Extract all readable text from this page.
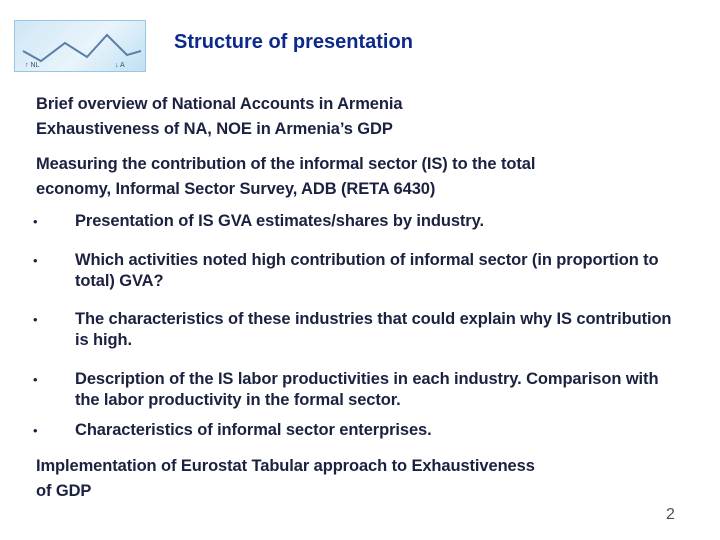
↑ NL	↓ A
Structure of presentation
Brief overview of National Accounts in Armenia
Exhaustiveness of NA, NOE in Armenia’s GDP
Measuring the contribution of the informal sector (IS) to the total
economy, Informal Sector Survey, ADB (RETA 6430)
• Presentation of IS GVA estimates/shares by industry.
• Which activities noted high contribution of informal sector (in proportion to total) GVA?
• The characteristics of these industries that could explain why IS contribution is high.
• Description of the IS labor productivities in each industry. Comparison with the labor productivity in the formal sector.
• Characteristics of informal sector enterprises.
Implementation of Eurostat Tabular approach to Exhaustiveness
of GDP
2
